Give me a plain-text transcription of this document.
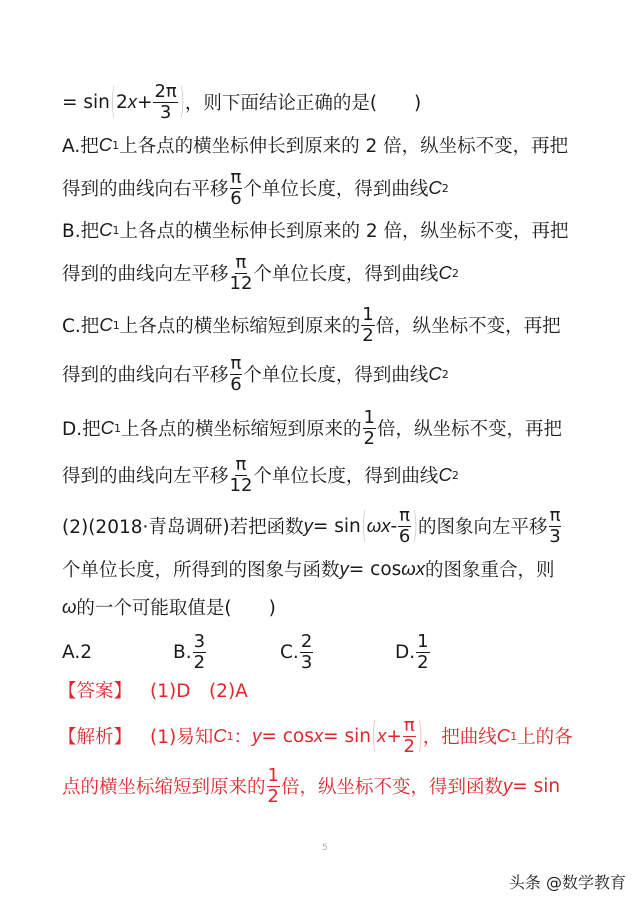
= sin ( 2 $x + \frac{2\pi}{3}$ ) ，则下面结论正确的是(　　)
A.把 C 1 上各点的横坐标伸长到原来的 2 倍，纵坐标不变，再把
得到的曲线向右平移 $\frac{\pi}{6}$ 个单位长度，得到曲线 C 2
B.把 C 1 上各点的横坐标伸长到原来的 2 倍，纵坐标不变，再把
得到的曲线向左平移 $\frac{\pi}{12}$ 个单位长度，得到曲线 C 2
C.把 C 1 上各点的横坐标缩短到原来的 $\frac{1}{2}$ 倍，纵坐标不变，再把
得到的曲线向右平移 $\frac{\pi}{6}$ 个单位长度，得到曲线 C 2
D.把 C 1 上各点的横坐标缩短到原来的 $\frac{1}{2}$ 倍，纵坐标不变，再把
得到的曲线向左平移 $\frac{\pi}{12}$ 个单位长度，得到曲线 C 2
(2)(2018·青岛调研)若把函数 y = sin ( ωx - $\frac{\pi}{6}$ ) 的图象向左平移 $\frac{\pi}{3}$
个单位长度，所得到的图象与函数 y = cos ωx 的图象重合，则
ω 的一个可能取值是(　　)
A. 2	B. $\frac{3}{2}$	C. $\frac{2}{3}$	D. $\frac{1}{2}$
【答案】 (1)D　(2)A
【解析】 (1)易知 C 1 ： y = cos x = sin ( $x + \frac{\pi}{2}$ ) ，把曲线 C 1 上的各
点的横坐标缩短到原来的 $\frac{1}{2}$ 倍，纵坐标不变，得到函数 y = sin
5
头条 @数学教育
